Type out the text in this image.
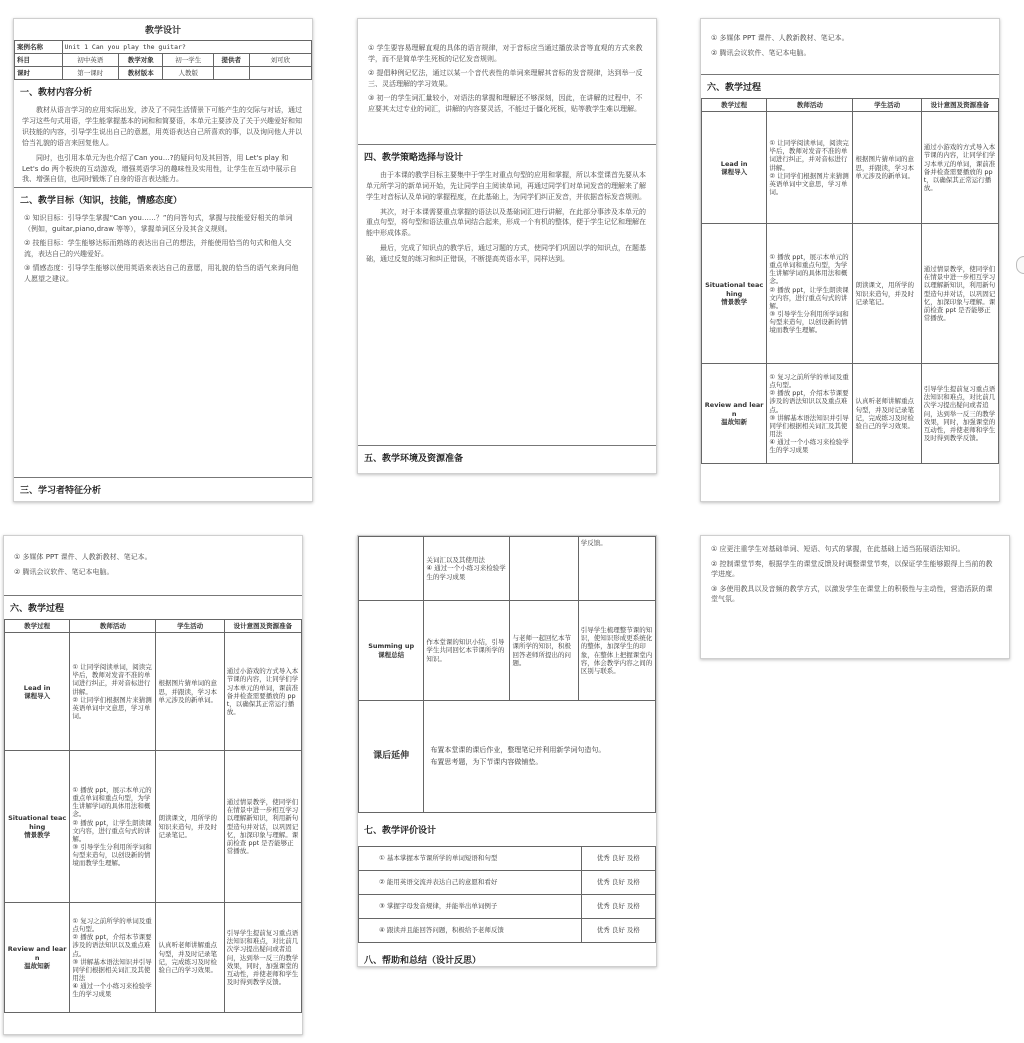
教学设计
案例名称	Unit 1 Can you play the guitar?				
科目	初中英语	教学对象	初一学生	提供者	刘可欣
课时	第一课时	教材版本	人教版		
一、教材内容分析
教材从语言学习的应用实际出发，涉及了不同生活情景下可能产生的交际与对话，通过学习这些句式用语，学生能掌握基本的词和和简要语，本单元主要涉及了关于兴趣爱好和知识技能的内容，引导学生说出自己的意愿，用英语表达自己所喜欢的事，以及询问他人并以恰当礼貌的语言来回复他人。
同时，也引用本单元为也介绍了Can you…?的疑问句及其回答，用 Let's play 和 Let's do 两个板块的互动游戏，增强英语学习的趣味性及实用性，让学生在互动中展示自我、增强自信，也同时锻炼了自身的语言表达能力。
二、教学目标（知识，技能，情感态度）
① 知识目标：引导学生掌握“Can you……？”的问答句式，掌握与技能爱好相关的单词（例如，guitar,piano,draw 等等），掌握单词区分及其含义规则。
② 技能目标：学生能够达标而熟练的表达出自己的想法，并能使用恰当的句式和他人交流，表达自己的兴趣爱好。
③ 情感态度：引导学生能够以使用英语来表达自己的意愿，用礼貌的恰当的语气来询问他人愿望之建议。
三、学习者特征分析
① 学生要容易理解直观的具体的语言规律，对于音标应当通过播放录音等直观的方式来教学，而不是简单学生死板的记忆发音规则。
② 提倡种例记忆法，通过以某一个音代表性的单词来理解其音标的发音规律，达到举一反三、灵活理解的学习效果。
③ 初一的学生词汇量较小，对语法的掌握和理解还不够深刻，因此，在讲解的过程中，不应要其太过专业的词汇，讲解的内容要灵活，不能过于僵化死板，贴等教学生难以理解。
四、教学策略选择与设计
由于本课的教学目标主要集中于学生对重点句型的应用和掌握，所以本堂课首先要从本单元所学习的新单词开始，先让同学自主阅读单词，再通过同学们对单词发音的理解来了解学生对音标认及单词的掌握程度，在此基础上，为同学们纠正发音，并依据音标发音规则。
其次，对于本课需要重点掌握的语法以及基础词汇进行讲解，在此部分事涉及本单元的重点句型，将句型和语法重点单词结合起来，形成一个有机的整体，便于学生记忆和理解在能中形成体系。
最后，完成了知识点的教学后，通过习题的方式，使同学们巩固以学的知识点，在题基础，通过反复的练习和纠正错误，不断提高英语水平，同样达到。
五、教学环境及资源准备
① 多媒体 PPT 课件、人教新教材、笔记本。
② 腾讯会议软件、笔记本电脑。
六、教学过程
教学过程	教师活动	学生活动	设计意图及资源准备
Lead in
课程导入	① 让同学阅读单词，阅读完毕后，教师对发音不准的单词进行纠正，并对音标进行讲解。
② 让同学们根据图片来猜测英语单词中文意思，学习单词。	根据图片猜单词的意思，并跟读，学习本单元涉及的新单词。	通过小游戏的方式导入本节课的内容，让同学们学习本单元的单词，课前准备并检查需要播放的 ppt，以确保其正常运行播放。
Situational teaching
情景教学	① 播放 ppt，展示本单元的重点单词和重点句型，为学生讲解学词的具体用法和概念。
② 播放 ppt，让学生朗读课文内容，进行重点句式的讲解。
③ 引导学生分利用所学词和句型来造句，以创设新的情境而教学生理解。	朗读课文，用所学的知识来造句，并及时记录笔记。	通过情景教学，使同学们在情景中进一步相互学习以理解新知识，利用新句型造句并对话，以巩固记忆，加深印象与理解。课前检查 ppt 是否能够正常播放。
Review and learn
温故知新	① 复习之前所学的单词及重点句型。
② 播放 ppt，介绍本节课要涉及的语法知识以及重点难点。
③ 讲解基本语法知识并引导同学们根据相关词汇及其使用法
④ 通过一个小练习来检验学生的学习成果	认真听老师讲解重点句型，并及时记录笔记，完成练习及时检验自己的学习效果。	引导学生提前复习重点语法知识和难点，对比前几次学习提出疑问或者追问，达到举一反三的教学效果，同时，加强课堂的互动性，并使老师和学生及时得到教学反馈。
① 多媒体 PPT 课件、人教新教材、笔记本。
② 腾讯会议软件、笔记本电脑。
六、教学过程
教学过程	教师活动	学生活动	设计意图及资源准备
Lead in
课程导入	① 让同学阅读单词，阅读完毕后，教师对发音不准的单词进行纠正，并对音标进行讲解。
② 让同学们根据图片来猜测英语单词中文意思，学习单词。	根据图片猜单词的意思，并跟读，学习本单元涉及的新单词。	通过小游戏的方式导入本节课的内容，让同学们学习本单元的单词，课前准备并检查需要播放的 ppt，以确保其正常运行播放。
Situational teaching
情景教学	① 播放 ppt，展示本单元的重点单词和重点句型，为学生讲解学词的具体用法和概念。
② 播放 ppt，让学生朗读课文内容，进行重点句式的讲解。
③ 引导学生分利用所学词和句型来造句，以创设新的情境而教学生理解。	朗读课文，用所学的知识来造句，并及时记录笔记。	通过情景教学，使同学们在情景中进一步相互学习以理解新知识，利用新句型造句并对话，以巩固记忆，加深印象与理解。课前检查 ppt 是否能够正常播放。
Review and learn
温故知新	① 复习之前所学的单词及重点句型。
② 播放 ppt，介绍本节课要涉及的语法知识以及重点难点。
③ 讲解基本语法知识并引导同学们根据相关词汇及其使用法
④ 通过一个小练习来检验学生的学习成果	认真听老师讲解重点句型，并及时记录笔记，完成练习及时检验自己的学习效果。	引导学生提前复习重点语法知识和难点，对比前几次学习提出疑问或者追问，达到举一反三的教学效果，同时，加强课堂的互动性，并使老师和学生及时得到教学反馈。
	关词汇以及其使用法
④ 通过一个小练习来检验学生的学习成果		学反馈。
Summing up
课程总结	作本堂课的知识小结，引导学生共同回忆本节课所学的知识。	与老师一起回忆本节课所学的知识，积极回答老师所提出的问题。	引导学生梳理整节课的知识，使知识形成更系统化的整体，加深学生的印象，在整体上把握课堂内容，体会教学内容之间的区别与联系。
课后延伸	布置本堂课的课后作业，整理笔记并利用新学词句造句。
布置思考题，为下节课内容做铺垫。		
七、教学评价设计
① 基本掌握本节课所学的单词短语和句型	优秀 良好 及格
② 能用英语交流并表达自己的意愿和看好	优秀 良好 及格
③ 掌握字母发音规律，并能举出单词例子	优秀 良好 及格
④ 跟读并且能回答问题，积极给予老师反馈	优秀 良好 及格
八、帮助和总结（设计反思）
① 应更注重学生对基础单词、短语、句式的掌握，在此基础上适当拓展语法知识。
② 控制课堂节奏，根据学生的课堂反馈及时调整课堂节奏，以保证学生能够跟得上当前的教学进度。
③ 多使用教具以及音频的教学方式，以激发学生在课堂上的积极性与主动性，营造活跃的课堂气氛。
